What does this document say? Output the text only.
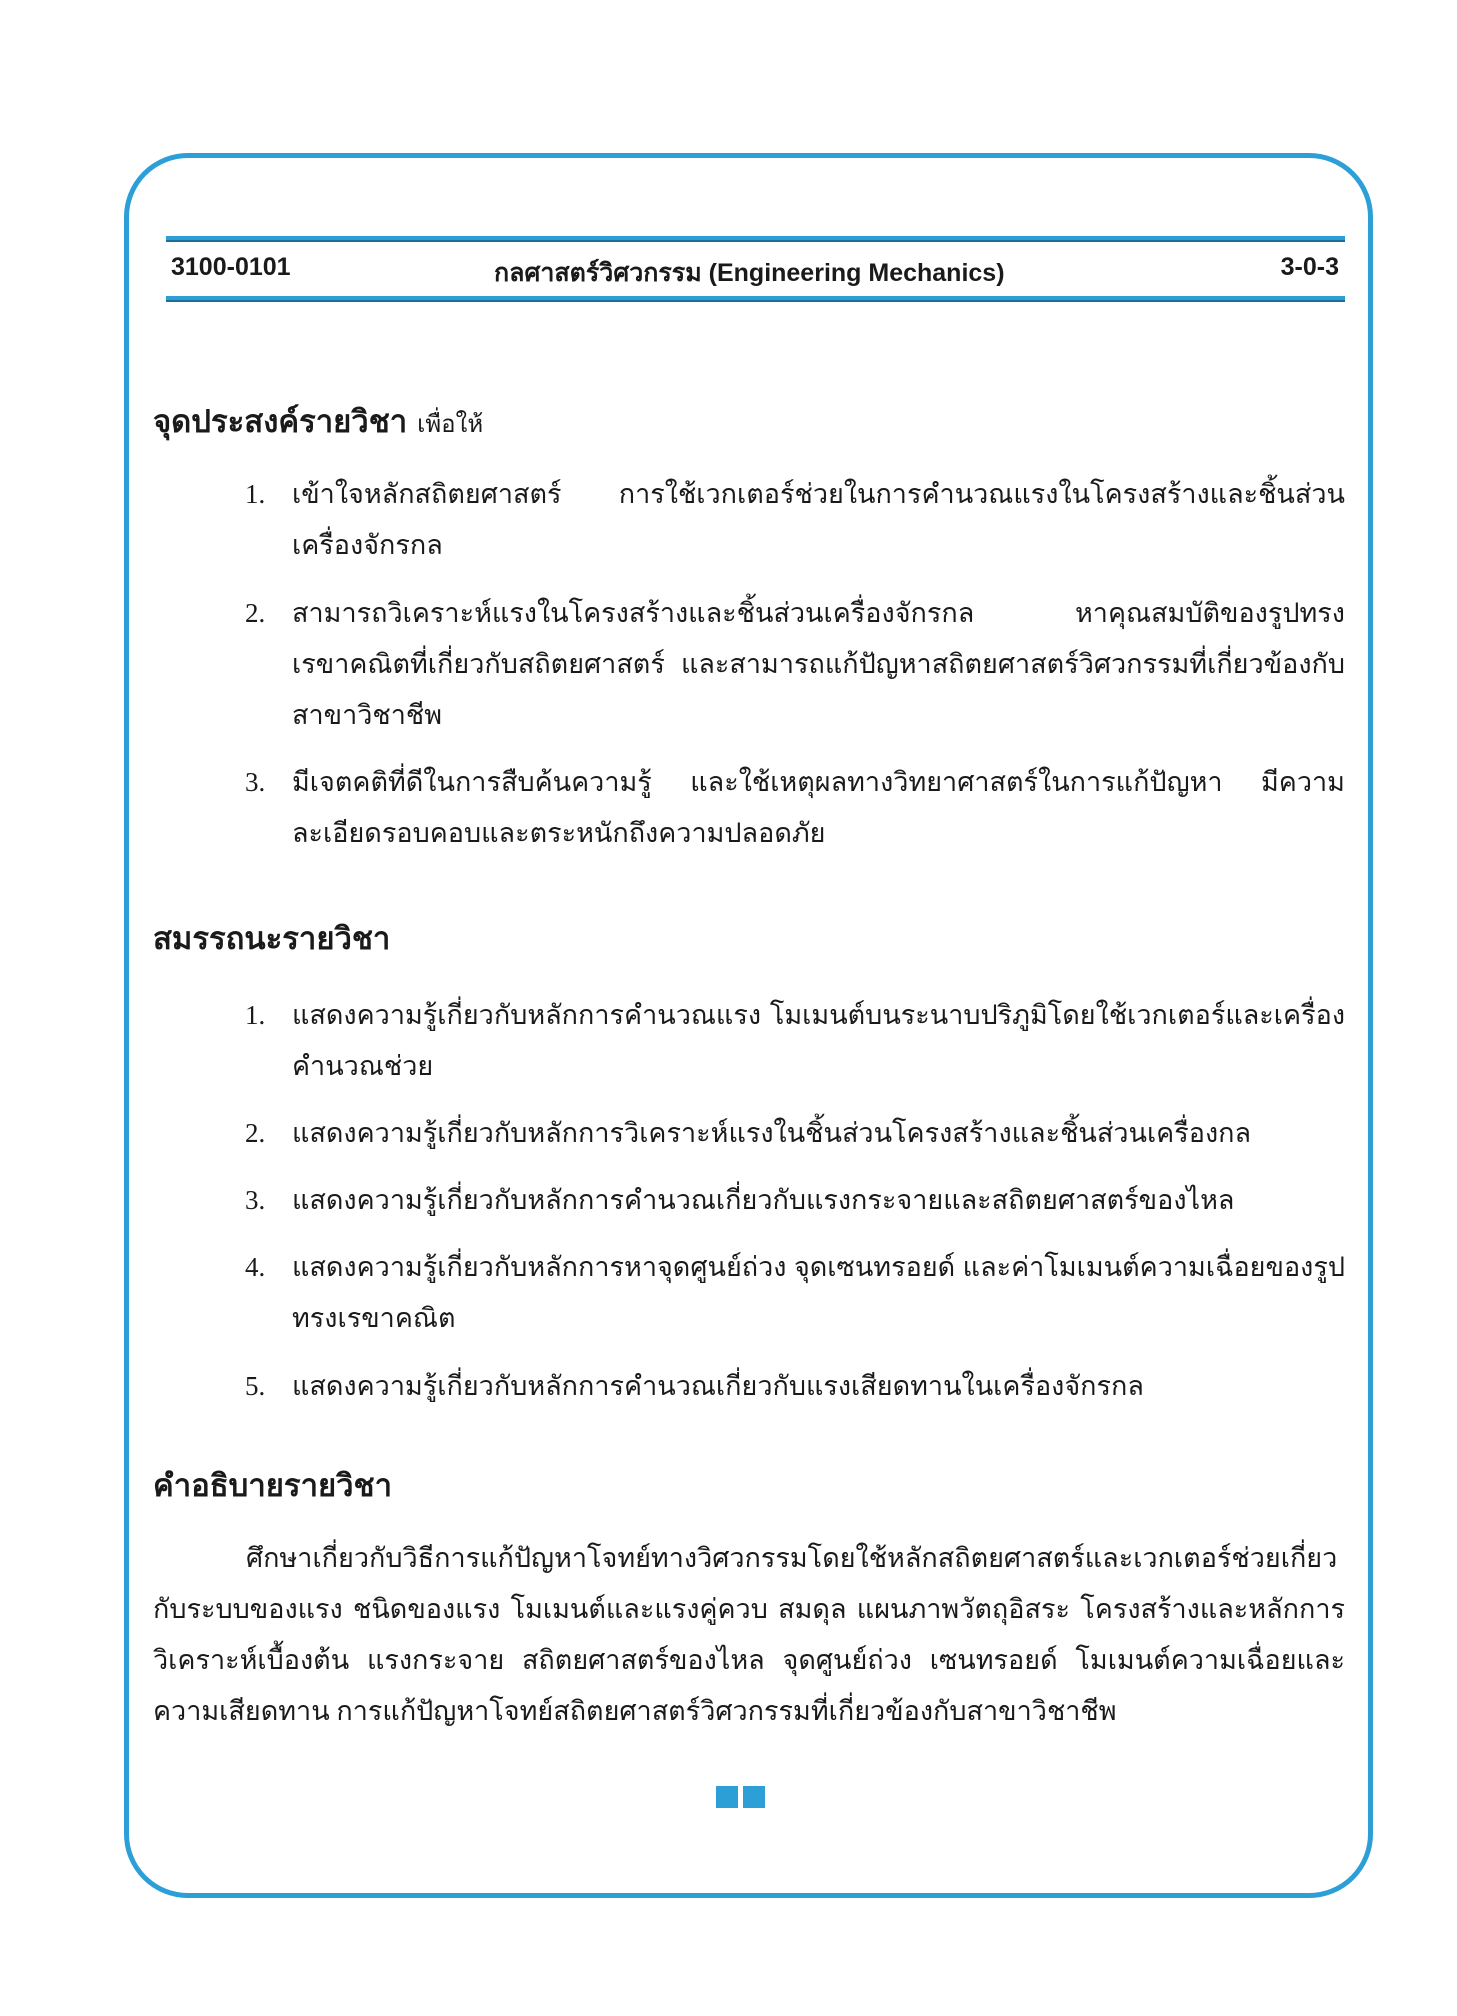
3100-0101	กลศาสตร์วิศวกรรม (Engineering Mechanics)	3-0-3
จุดประสงค์รายวิชา เพื่อให้
1. เข้าใจหลักสถิตยศาสตร์ การใช้เวกเตอร์ช่วยในการคำนวณแรงในโครงสร้างและชิ้นส่วนเครื่องจักรกล
2. สามารถวิเคราะห์แรงในโครงสร้างและชิ้นส่วนเครื่องจักรกล หาคุณสมบัติของรูปทรงเรขาคณิตที่เกี่ยวกับสถิตยศาสตร์ และสามารถแก้ปัญหาสถิตยศาสตร์วิศวกรรมที่เกี่ยวข้องกับสาขาวิชาชีพ
3. มีเจตคติที่ดีในการสืบค้นความรู้ และใช้เหตุผลทางวิทยาศาสตร์ในการแก้ปัญหา มีความละเอียดรอบคอบและตระหนักถึงความปลอดภัย
สมรรถนะรายวิชา
1. แสดงความรู้เกี่ยวกับหลักการคำนวณแรง โมเมนต์บนระนาบปริภูมิโดยใช้เวกเตอร์และเครื่องคำนวณช่วย
2. แสดงความรู้เกี่ยวกับหลักการวิเคราะห์แรงในชิ้นส่วนโครงสร้างและชิ้นส่วนเครื่องกล
3. แสดงความรู้เกี่ยวกับหลักการคำนวณเกี่ยวกับแรงกระจายและสถิตยศาสตร์ของไหล
4. แสดงความรู้เกี่ยวกับหลักการหาจุดศูนย์ถ่วง จุดเซนทรอยด์ และค่าโมเมนต์ความเฉื่อยของรูปทรงเรขาคณิต
5. แสดงความรู้เกี่ยวกับหลักการคำนวณเกี่ยวกับแรงเสียดทานในเครื่องจักรกล
คำอธิบายรายวิชา
ศึกษาเกี่ยวกับวิธีการแก้ปัญหาโจทย์ทางวิศวกรรมโดยใช้หลักสถิตยศาสตร์และเวกเตอร์ช่วยเกี่ยวกับระบบของแรง ชนิดของแรง โมเมนต์และแรงคู่ควบ สมดุล แผนภาพวัตถุอิสระ โครงสร้างและหลักการวิเคราะห์เบื้องต้น แรงกระจาย สถิตยศาสตร์ของไหล จุดศูนย์ถ่วง เซนทรอยด์ โมเมนต์ความเฉื่อยและความเสียดทาน การแก้ปัญหาโจทย์สถิตยศาสตร์วิศวกรรมที่เกี่ยวข้องกับสาขาวิชาชีพ
